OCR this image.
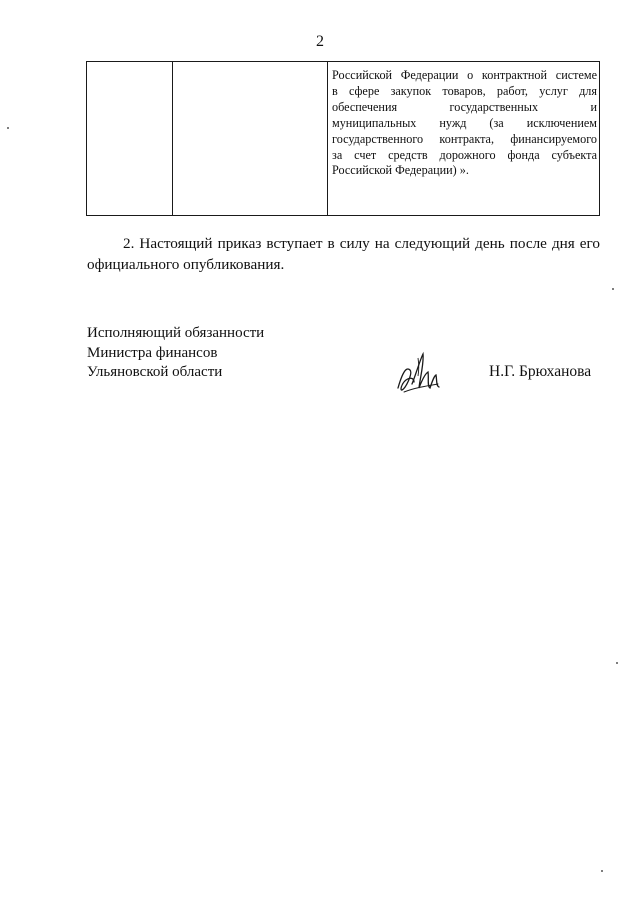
2
Российской Федерации о контрактной системе
в сфере закупок товаров, работ, услуг для
обеспечения государственных и
муниципальных нужд (за исключением
государственного контракта, финансируемого
за счет средств дорожного фонда субъекта
Российской Федерации) ».
2. Настоящий приказ вступает в силу на следующий день после дня его
официального опубликования.
Исполняющий обязанности
Министра финансов
Ульяновской области	Н.Г. Брюханова
